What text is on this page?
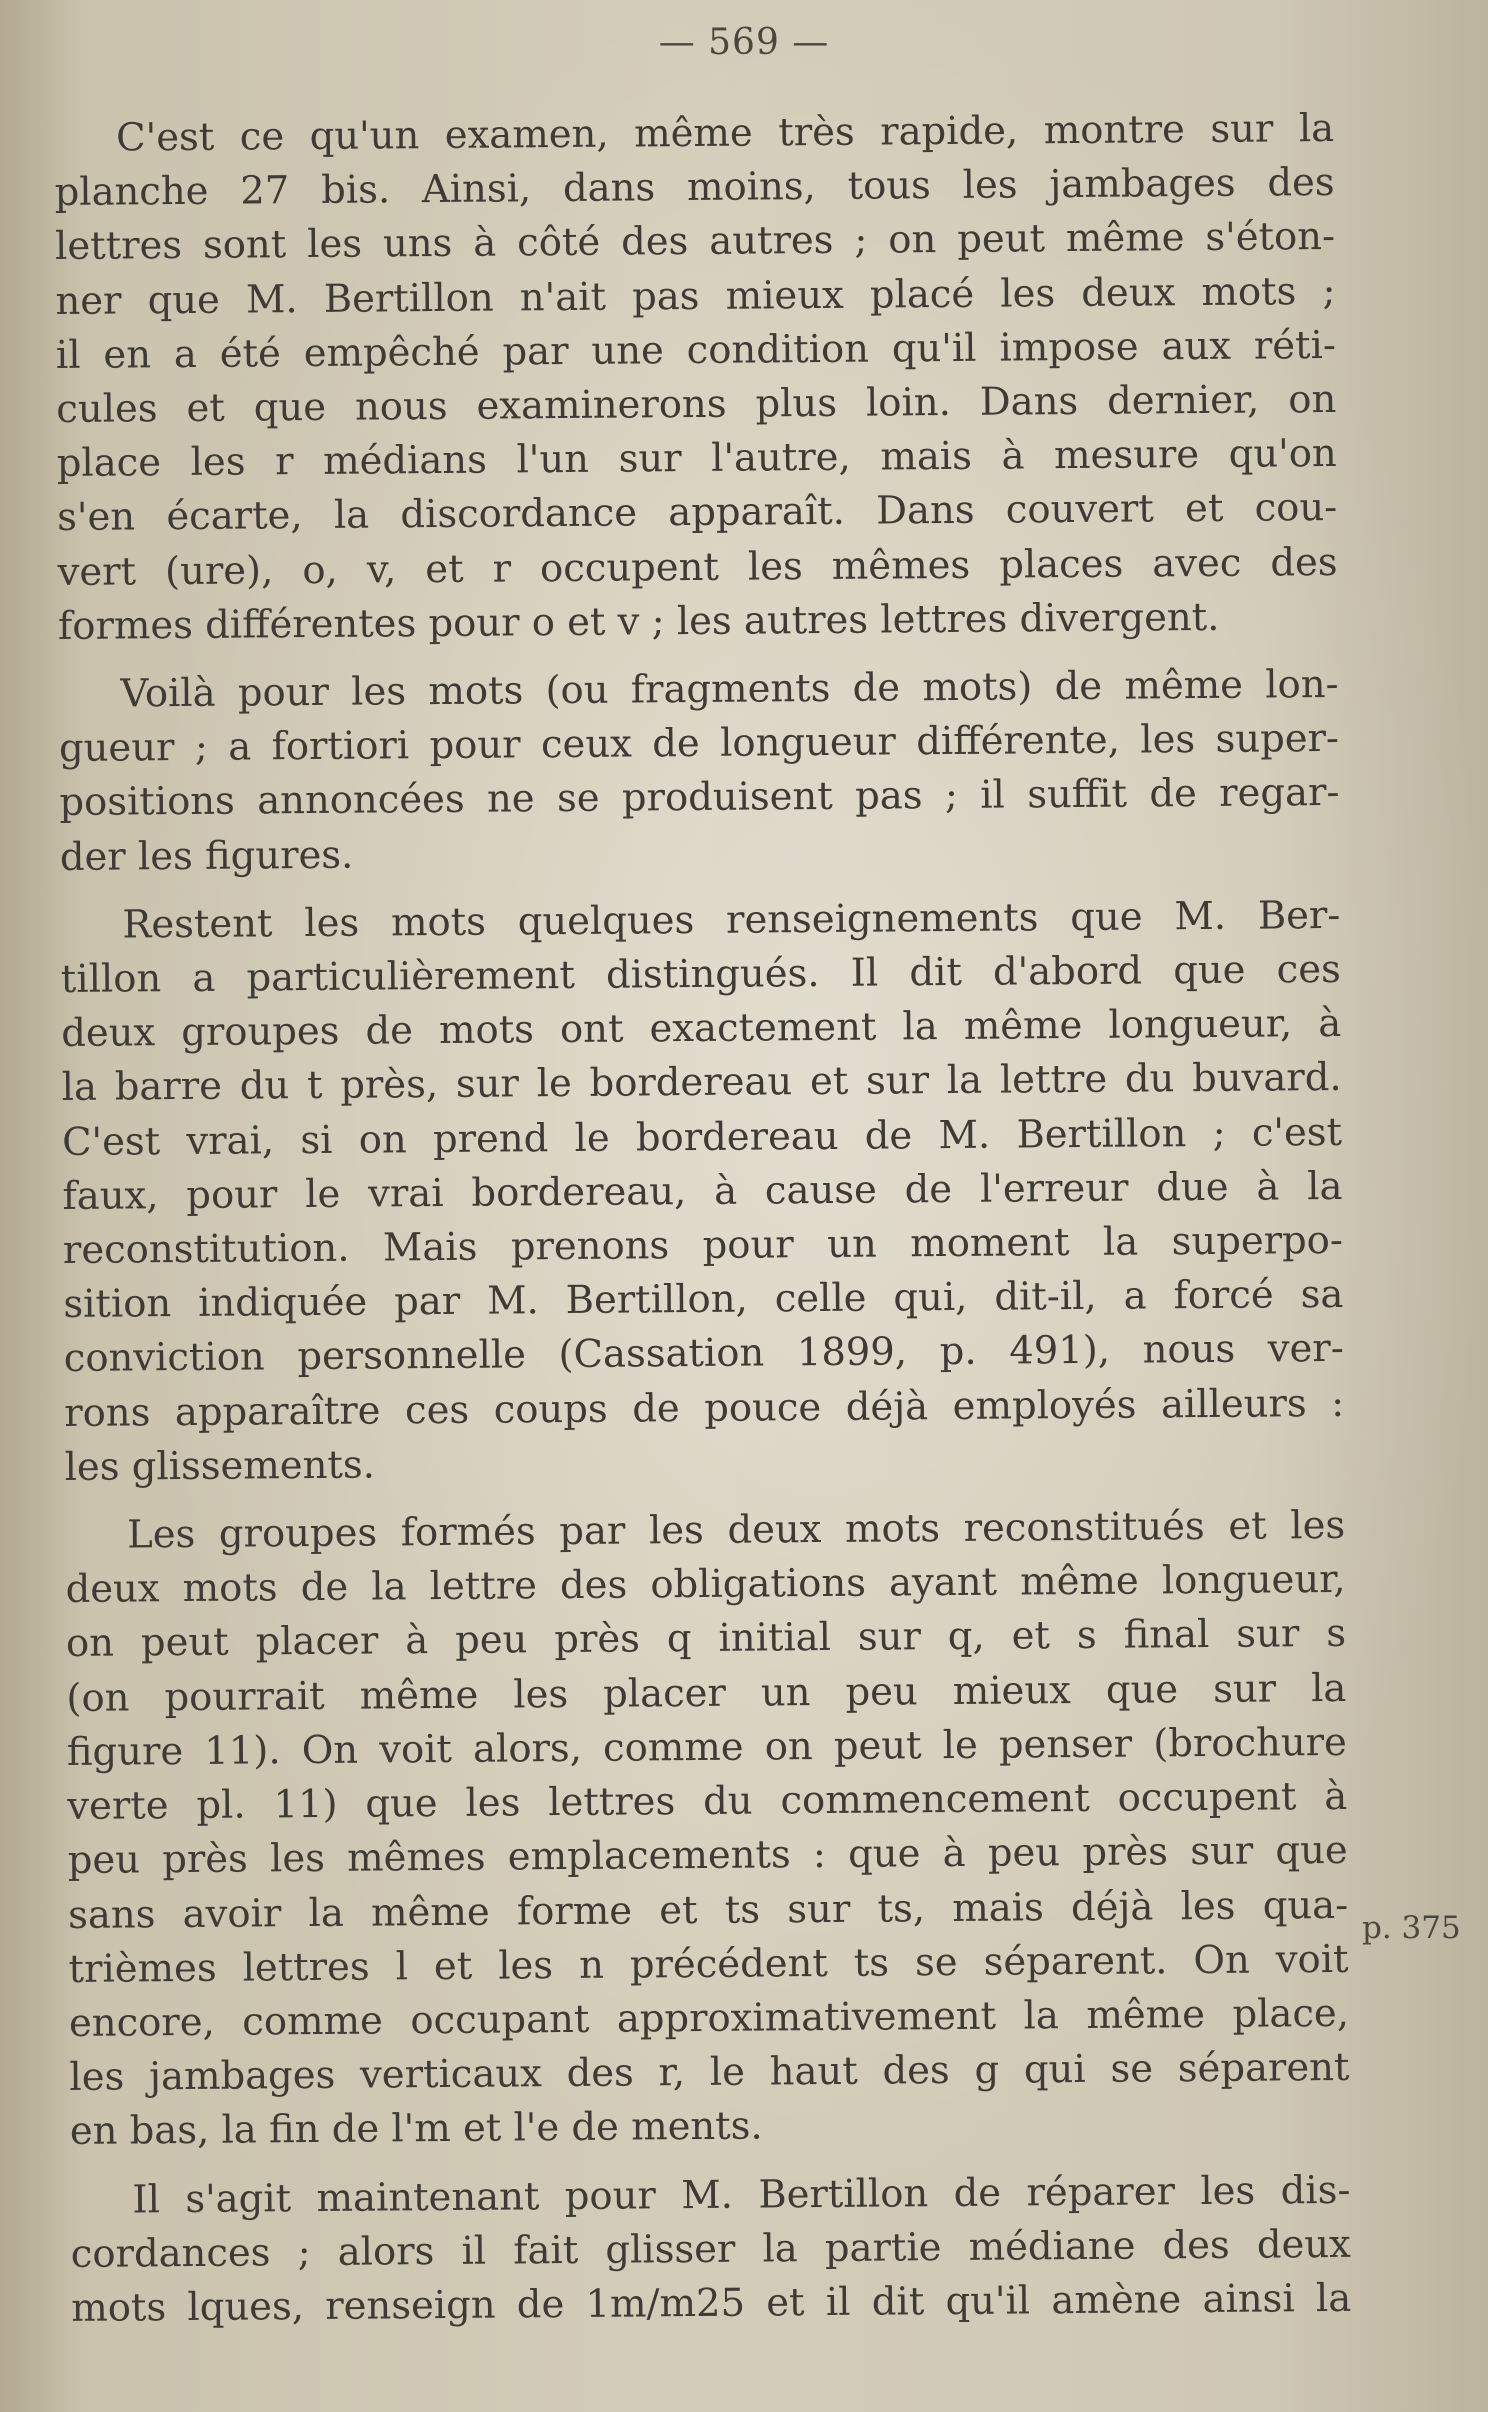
— 569 —
C'est ce qu'un examen, même très rapide, montre sur la
planche 27 bis. Ainsi, dans moins, tous les jambages des
lettres sont les uns à côté des autres ; on peut même s'éton-
ner que M. Bertillon n'ait pas mieux placé les deux mots ;
il en a été empêché par une condition qu'il impose aux réti-
cules et que nous examinerons plus loin. Dans dernier, on
place les r médians l'un sur l'autre, mais à mesure qu'on
s'en écarte, la discordance apparaît. Dans couvert et cou-
vert (ure), o, v, et r occupent les mêmes places avec des
formes différentes pour o et v ; les autres lettres divergent.
Voilà pour les mots (ou fragments de mots) de même lon-
gueur ; a fortiori pour ceux de longueur différente, les super-
positions annoncées ne se produisent pas ; il suffit de regar-
der les figures.
Restent les mots quelques renseignements que M. Ber-
tillon a particulièrement distingués. Il dit d'abord que ces
deux groupes de mots ont exactement la même longueur, à
la barre du t près, sur le bordereau et sur la lettre du buvard.
C'est vrai, si on prend le bordereau de M. Bertillon ; c'est
faux, pour le vrai bordereau, à cause de l'erreur due à la
reconstitution. Mais prenons pour un moment la superpo-
sition indiquée par M. Bertillon, celle qui, dit-il, a forcé sa
conviction personnelle (Cassation 1899, p. 491), nous ver-
rons apparaître ces coups de pouce déjà employés ailleurs :
les glissements.
Les groupes formés par les deux mots reconstitués et les
deux mots de la lettre des obligations ayant même longueur,
on peut placer à peu près q initial sur q, et s final sur s
(on pourrait même les placer un peu mieux que sur la
figure 11). On voit alors, comme on peut le penser (brochure
verte pl. 11) que les lettres du commencement occupent à
peu près les mêmes emplacements : que à peu près sur que
sans avoir la même forme et ts sur ts, mais déjà les qua-
trièmes lettres l et les n précédent ts se séparent. On voit
encore, comme occupant approximativement la même place,
les jambages verticaux des r, le haut des g qui se séparent
en bas, la fin de l'm et l'e de ments.
Il s'agit maintenant pour M. Bertillon de réparer les dis-
cordances ; alors il fait glisser la partie médiane des deux
mots lques, renseign de 1m/m25 et il dit qu'il amène ainsi la
p. 375
